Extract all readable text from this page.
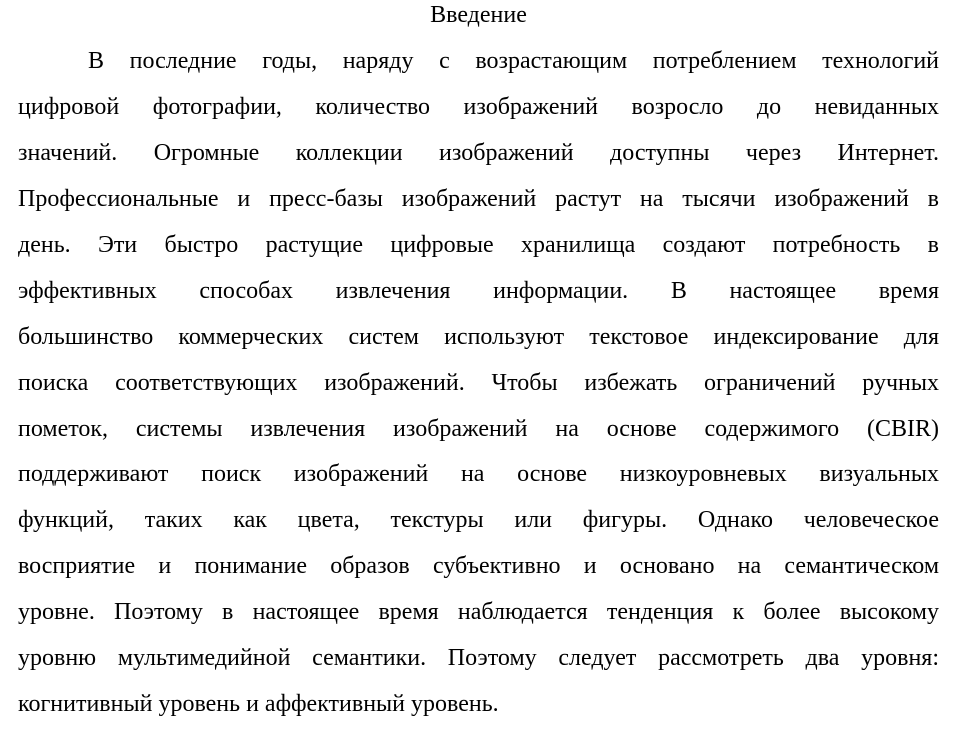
Введение
В последние годы, наряду с возрастающим потреблением технологий
цифровой фотографии, количество изображений возросло до невиданных
значений. Огромные коллекции изображений доступны через Интернет.
Профессиональные и пресс-базы изображений растут на тысячи изображений в
день. Эти быстро растущие цифровые хранилища создают потребность в
эффективных способах извлечения информации. В настоящее время
большинство коммерческих систем используют текстовое индексирование для
поиска соответствующих изображений. Чтобы избежать ограничений ручных
пометок, системы извлечения изображений на основе содержимого (CBIR)
поддерживают поиск изображений на основе низкоуровневых визуальных
функций, таких как цвета, текстуры или фигуры. Однако человеческое
восприятие и понимание образов субъективно и основано на семантическом
уровне. Поэтому в настоящее время наблюдается тенденция к более высокому
уровню мультимедийной семантики. Поэтому следует рассмотреть два уровня:
когнитивный уровень и аффективный уровень.
